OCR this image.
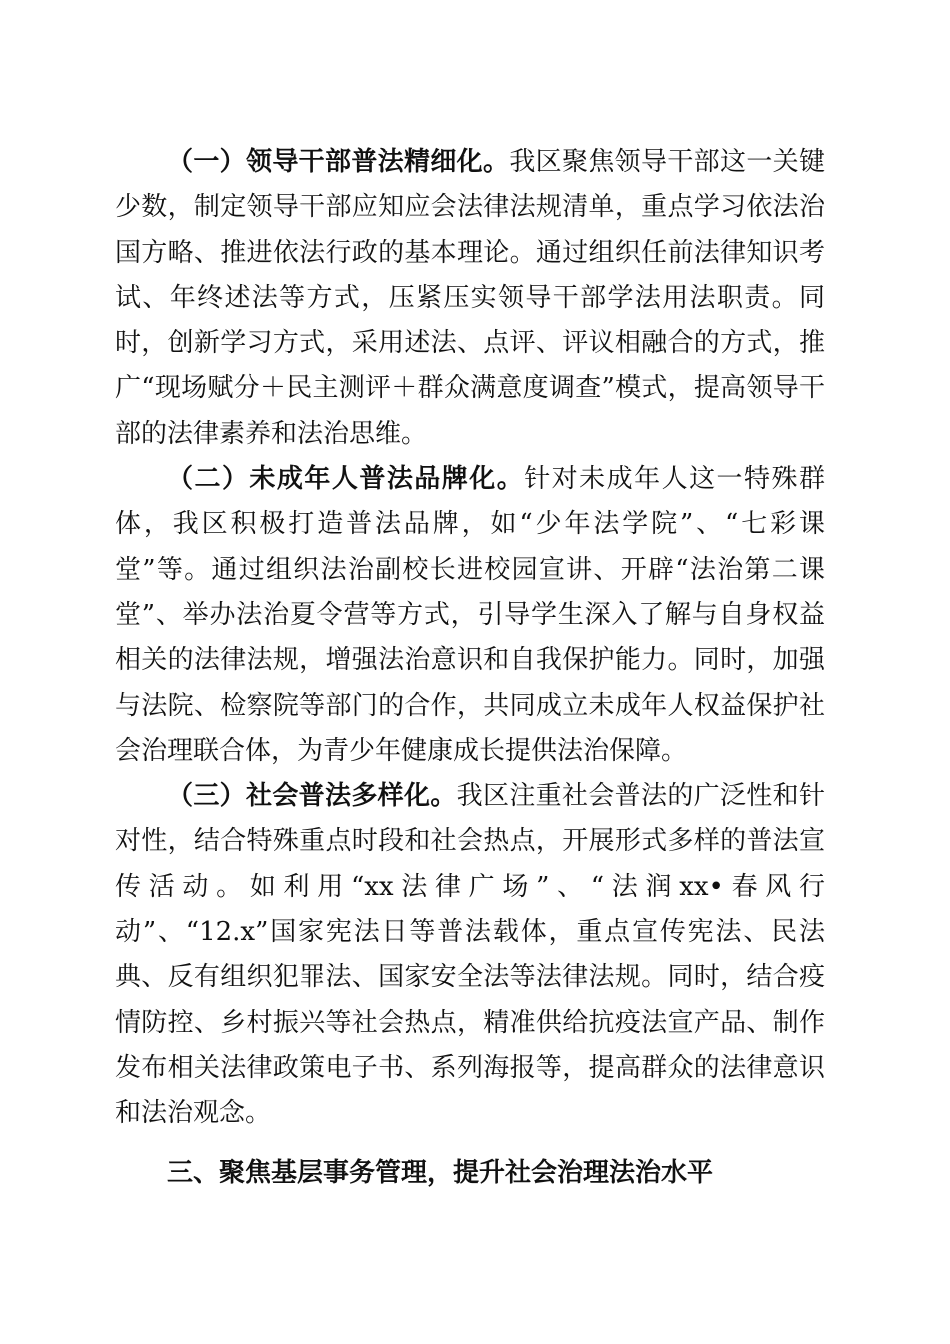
（一）领导干部普法精细化。我区聚焦领导干部这一关键少数，制定领导干部应知应会法律法规清单，重点学习依法治国方略、推进依法行政的基本理论。通过组织任前法律知识考试、年终述法等方式，压紧压实领导干部学法用法职责。同时，创新学习方式，采用述法、点评、评议相融合的方式，推广“现场赋分＋民主测评＋群众满意度调查”模式，提高领导干部的法律素养和法治思维。

（二）未成年人普法品牌化。针对未成年人这一特殊群体，我区积极打造普法品牌，如“少年法学院”、“七彩课堂”等。通过组织法治副校长进校园宣讲、开辟“法治第二课堂”、举办法治夏令营等方式，引导学生深入了解与自身权益相关的法律法规，增强法治意识和自我保护能力。同时，加强与法院、检察院等部门的合作，共同成立未成年人权益保护社会治理联合体，为青少年健康成长提供法治保障。

（三）社会普法多样化。我区注重社会普法的广泛性和针对性，结合特殊重点时段和社会热点，开展形式多样的普法宣传活动。如利用“xx法律广场”、“法润xx•春风行动”、“12.x”国家宪法日等普法载体，重点宣传宪法、民法典、反有组织犯罪法、国家安全法等法律法规。同时，结合疫情防控、乡村振兴等社会热点，精准供给抗疫法宣产品、制作发布相关法律政策电子书、系列海报等，提高群众的法律意识和法治观念。

三、聚焦基层事务管理，提升社会治理法治水平
